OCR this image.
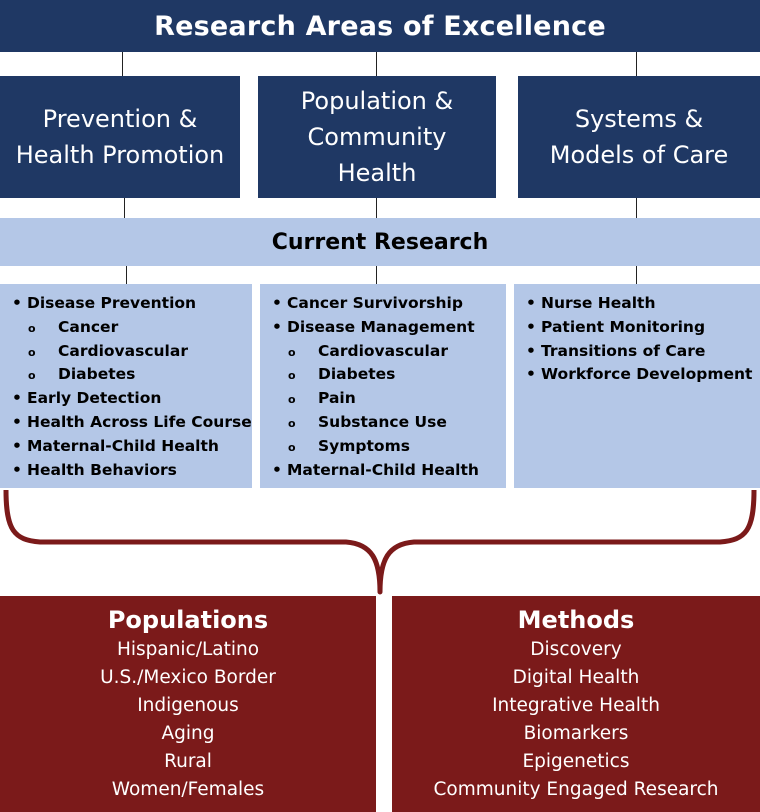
Research Areas of Excellence
Prevention &
Health Promotion
Population &
Community
Health
Systems &
Models of Care
Current Research
• Disease Prevention
o Cancer
o Cardiovascular
o Diabetes
• Early Detection
• Health Across Life Course
• Maternal-Child Health
• Health Behaviors
• Cancer Survivorship
• Disease Management
o Cardiovascular
o Diabetes
o Pain
o Substance Use
o Symptoms
• Maternal-Child Health
• Nurse Health
• Patient Monitoring
• Transitions of Care
• Workforce Development
Populations
Hispanic/Latino
U.S./Mexico Border
Indigenous
Aging
Rural
Women/Females
Methods
Discovery
Digital Health
Integrative Health
Biomarkers
Epigenetics
Community Engaged Research
